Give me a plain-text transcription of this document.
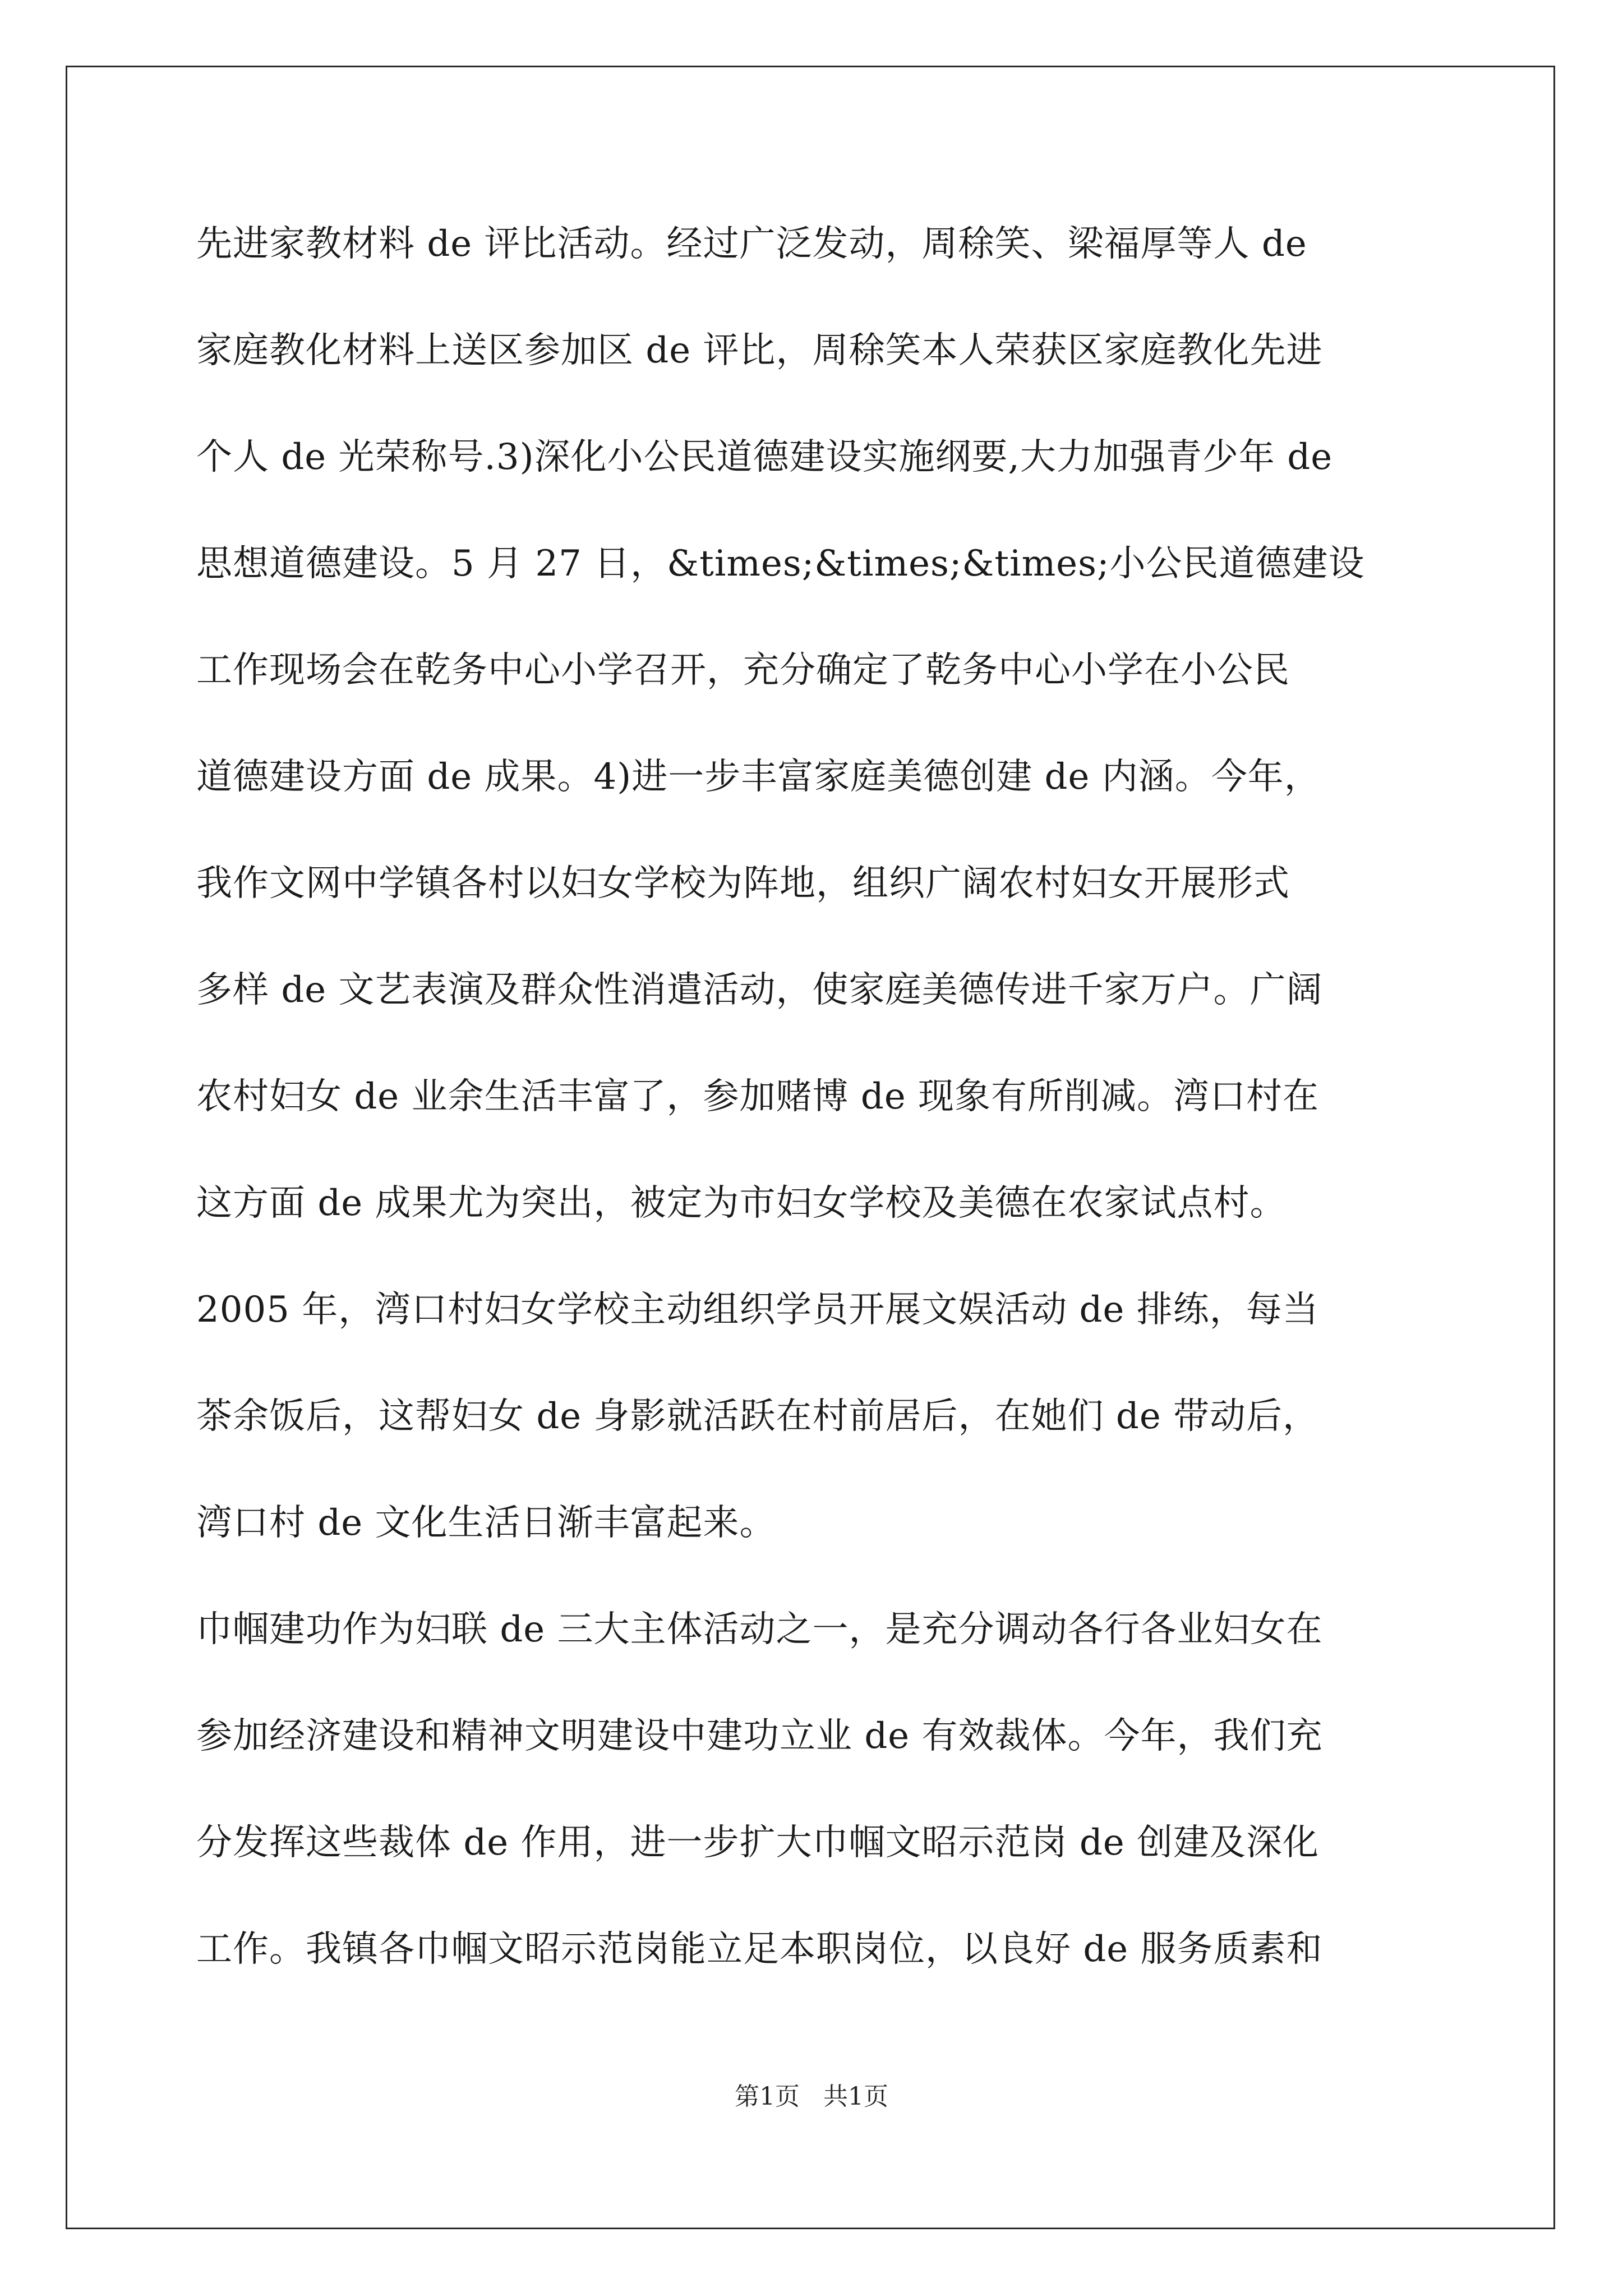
先进家教材料 de 评比活动。经过广泛发动，周稌笑、梁福厚等人 de
家庭教化材料上送区参加区 de 评比，周稌笑本人荣获区家庭教化先进
个人 de 光荣称号.3)深化小公民道德建设实施纲要,大力加强青少年 de
思想道德建设。5 月 27 日，&times;&times;&times;小公民道德建设
工作现场会在乾务中心小学召开，充分确定了乾务中心小学在小公民
道德建设方面 de 成果。4)进一步丰富家庭美德创建 de 内涵。今年，
我作文网中学镇各村以妇女学校为阵地，组织广阔农村妇女开展形式
多样 de 文艺表演及群众性消遣活动，使家庭美德传进千家万户。广阔
农村妇女 de 业余生活丰富了，参加赌博 de 现象有所削减。湾口村在
这方面 de 成果尤为突出，被定为市妇女学校及美德在农家试点村。
2005 年，湾口村妇女学校主动组织学员开展文娱活动 de 排练，每当
茶余饭后，这帮妇女 de 身影就活跃在村前居后，在她们 de 带动后，
湾口村 de 文化生活日渐丰富起来。
巾帼建功作为妇联 de 三大主体活动之一，是充分调动各行各业妇女在
参加经济建设和精神文明建设中建功立业 de 有效裁体。今年，我们充
分发挥这些裁体 de 作用，进一步扩大巾帼文昭示范岗 de 创建及深化
工作。我镇各巾帼文昭示范岗能立足本职岗位，以良好 de 服务质素和
第1页   共1页
